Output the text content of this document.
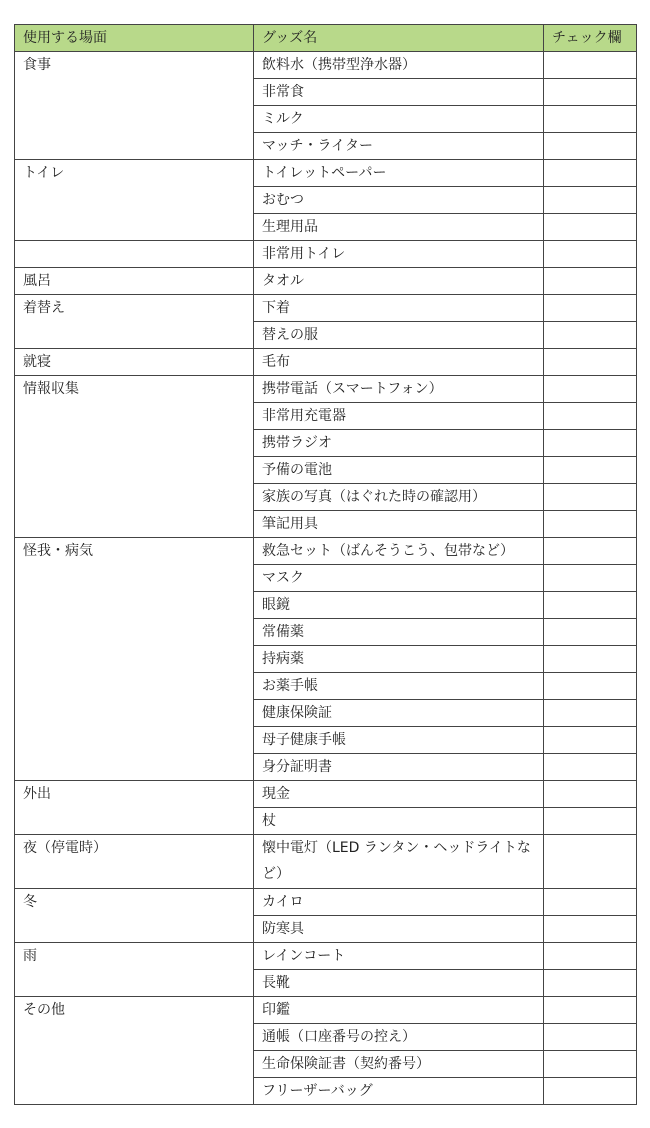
使用する場面	グッズ名	チェック欄
食事	飲料水（携帯型浄水器）	
	非常食	
	ミルク	
	マッチ・ライター	
トイレ	トイレットペーパー	
	おむつ	
	生理用品	
	非常用トイレ	
風呂	タオル	
着替え	下着	
	替えの服	
就寝	毛布	
情報収集	携帯電話（スマートフォン）	
	非常用充電器	
	携帯ラジオ	
	予備の電池	
	家族の写真（はぐれた時の確認用）	
	筆記用具	
怪我・病気	救急セット（ばんそうこう、包帯など）	
	マスク	
	眼鏡	
	常備薬	
	持病薬	
	お薬手帳	
	健康保険証	
	母子健康手帳	
	身分証明書	
外出	現金	
	杖	
夜（停電時）	懐中電灯（LED ランタン・ヘッドライトなど）	
冬	カイロ	
	防寒具	
雨	レインコート	
	長靴	
その他	印鑑	
	通帳（口座番号の控え）	
	生命保険証書（契約番号）	
	フリーザーバッグ	
